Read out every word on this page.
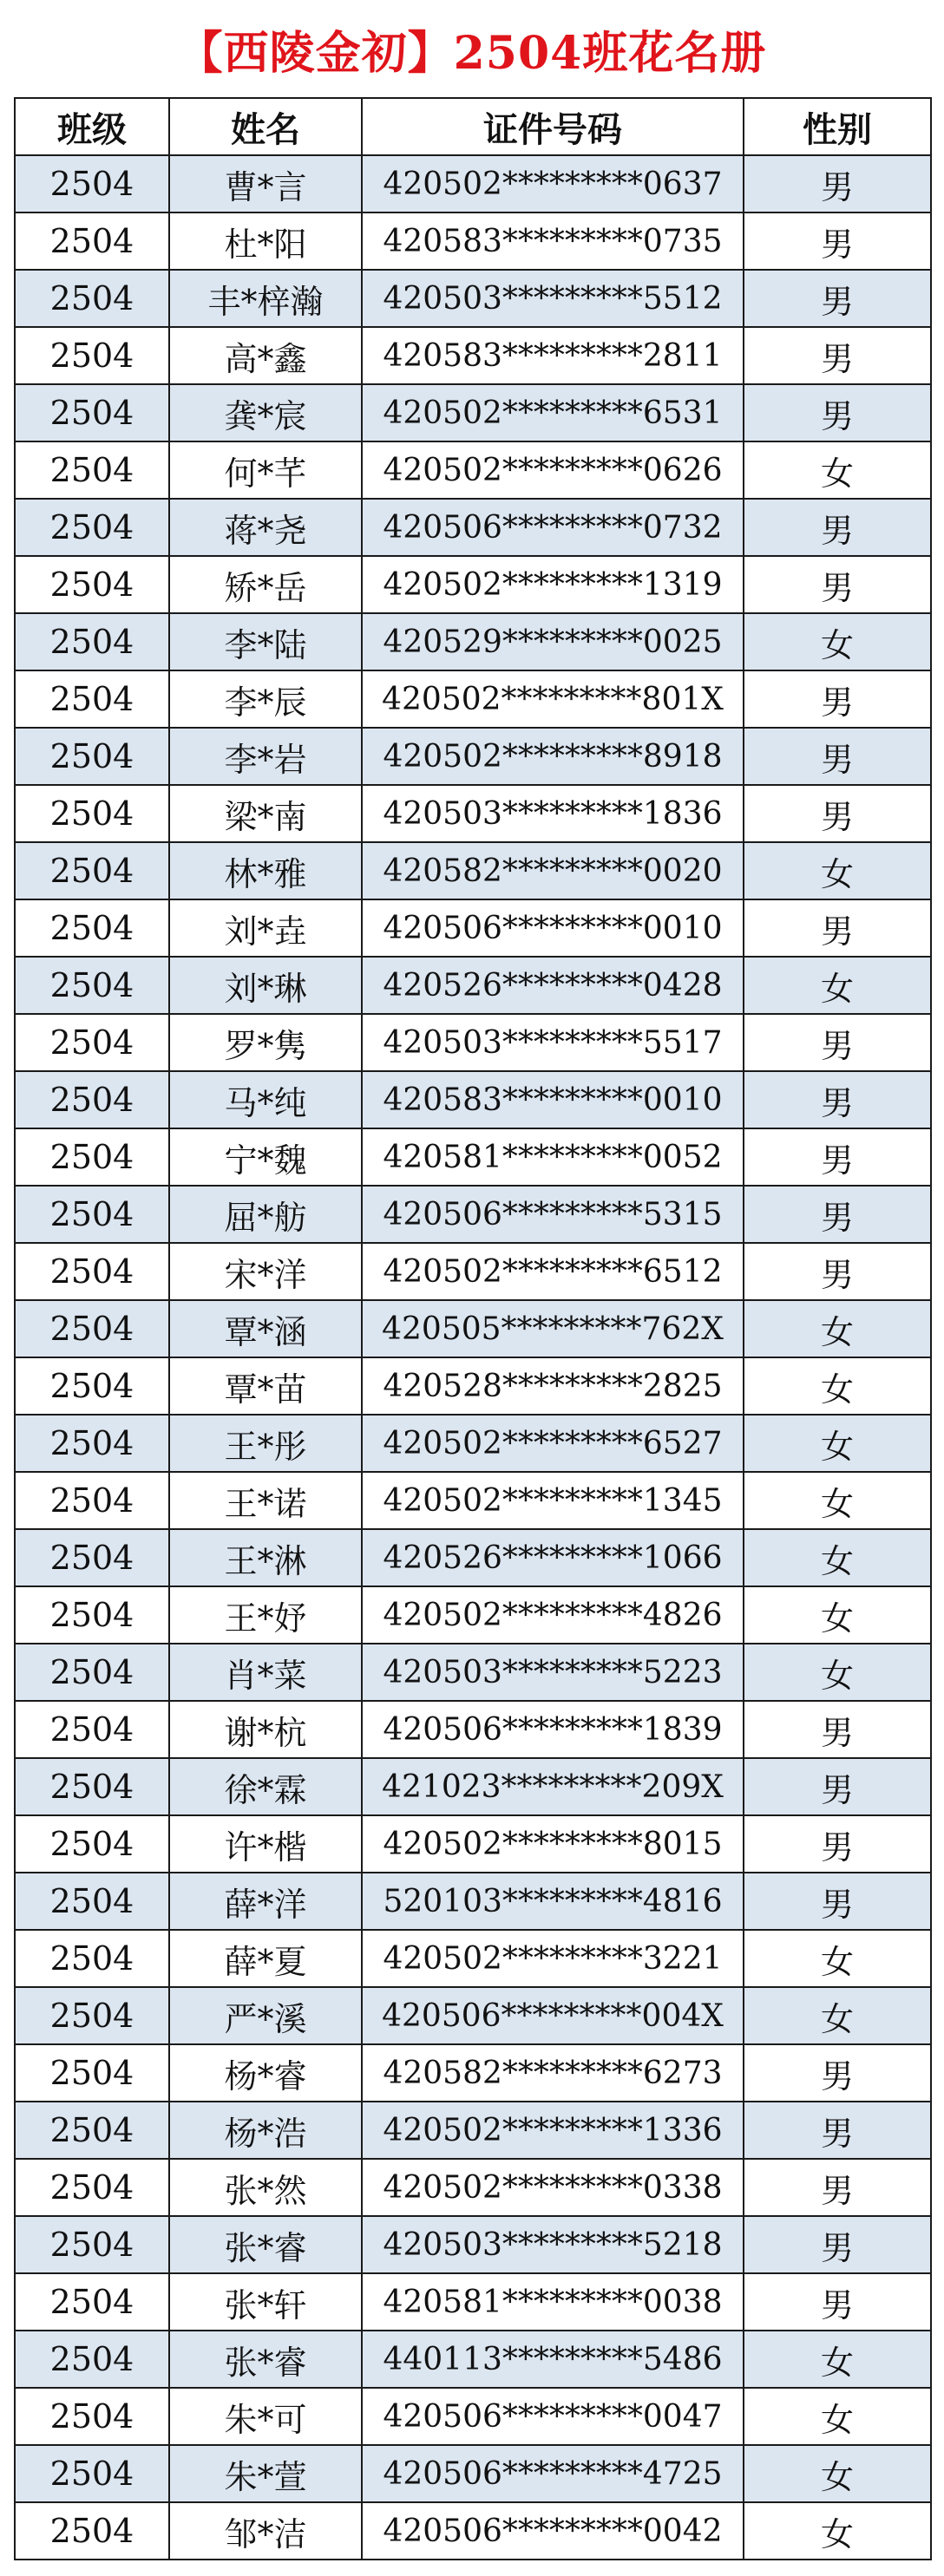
【西陵金初】2504班花名册
班级	姓名	证件号码	性别
2504	曹*言	420502*********0637	男
2504	杜*阳	420583*********0735	男
2504	丰*梓瀚	420503*********5512	男
2504	高*鑫	420583*********2811	男
2504	龚*宸	420502*********6531	男
2504	何*芊	420502*********0626	女
2504	蒋*尧	420506*********0732	男
2504	矫*岳	420502*********1319	男
2504	李*陆	420529*********0025	女
2504	李*辰	420502*********801X	男
2504	李*岩	420502*********8918	男
2504	梁*南	420503*********1836	男
2504	林*雅	420582*********0020	女
2504	刘*垚	420506*********0010	男
2504	刘*琳	420526*********0428	女
2504	罗*隽	420503*********5517	男
2504	马*纯	420583*********0010	男
2504	宁*魏	420581*********0052	男
2504	屈*舫	420506*********5315	男
2504	宋*洋	420502*********6512	男
2504	覃*涵	420505*********762X	女
2504	覃*苗	420528*********2825	女
2504	王*彤	420502*********6527	女
2504	王*诺	420502*********1345	女
2504	王*淋	420526*********1066	女
2504	王*妤	420502*********4826	女
2504	肖*菜	420503*********5223	女
2504	谢*杭	420506*********1839	男
2504	徐*霖	421023*********209X	男
2504	许*楷	420502*********8015	男
2504	薛*洋	520103*********4816	男
2504	薛*夏	420502*********3221	女
2504	严*溪	420506*********004X	女
2504	杨*睿	420582*********6273	男
2504	杨*浩	420502*********1336	男
2504	张*然	420502*********0338	男
2504	张*睿	420503*********5218	男
2504	张*轩	420581*********0038	男
2504	张*睿	440113*********5486	女
2504	朱*可	420506*********0047	女
2504	朱*萱	420506*********4725	女
2504	邹*洁	420506*********0042	女
